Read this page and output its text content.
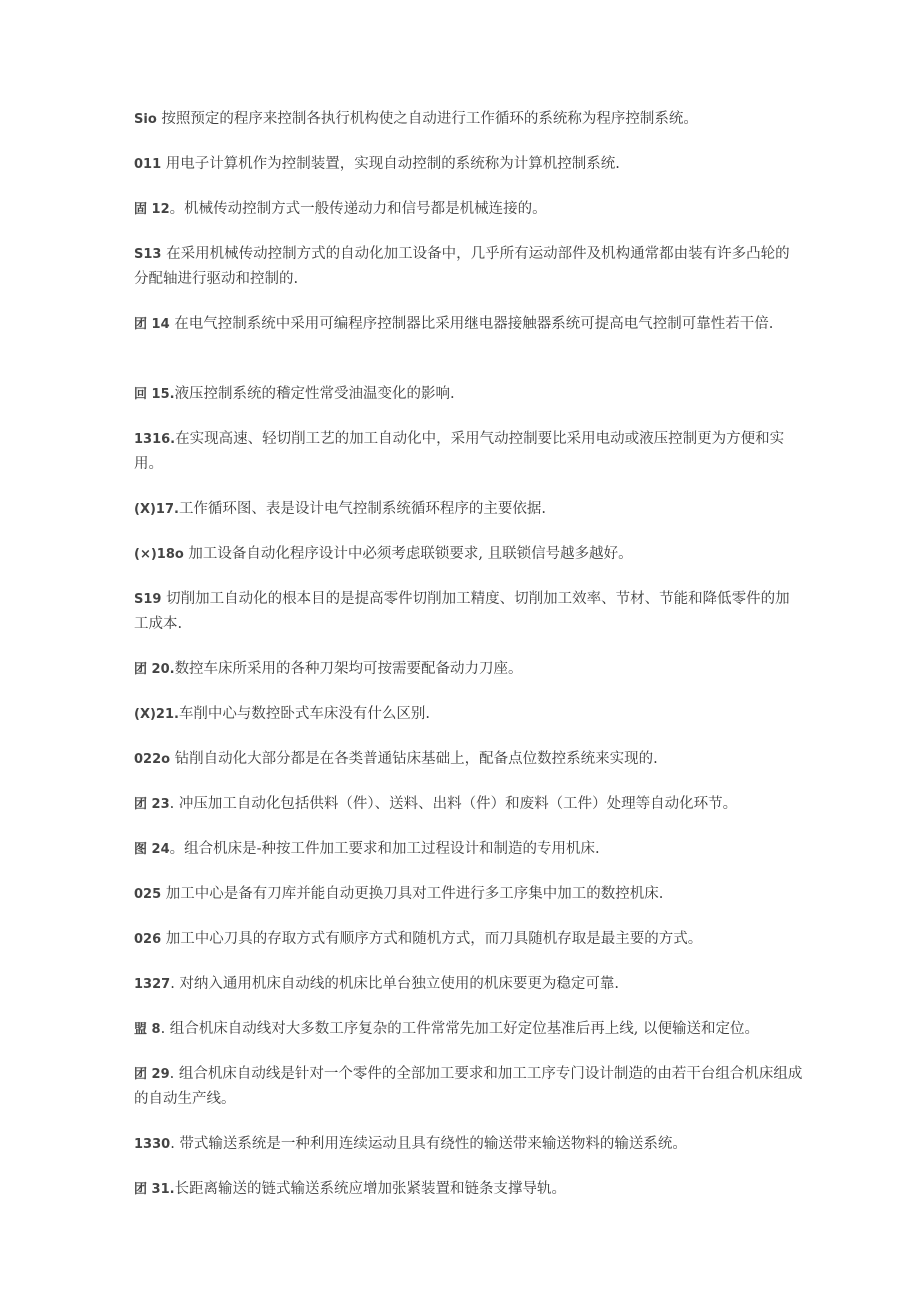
Sio 按照预定的程序来控制各执行机构使之自动进行工作循环的系统称为程序控制系统。

011 用电子计算机作为控制装置，实现自动控制的系统称为计算机控制系统.

固 12。机械传动控制方式一般传递动力和信号都是机械连接的。

S13 在采用机械传动控制方式的自动化加工设备中，几乎所有运动部件及机构通常都由装有许多凸轮的分配轴进行驱动和控制的.

团 14 在电气控制系统中采用可编程序控制器比采用继电器接触器系统可提高电气控制可靠性若干倍.

回 15.液压控制系统的稽定性常受油温变化的影响.

1316.在实现高速、轻切削工艺的加工自动化中，采用气动控制要比采用电动或液压控制更为方便和实用。

(X)17.工作循环图、表是设计电气控制系统循环程序的主要依据.

(×)18o 加工设备自动化程序设计中必须考虑联锁要求, 且联锁信号越多越好。

S19 切削加工自动化的根本目的是提高零件切削加工精度、切削加工效率、节材、节能和降低零件的加工成本.

团 20.数控车床所采用的各种刀架均可按需要配备动力刀座。

(X)21.车削中心与数控卧式车床没有什么区别.

022o 钻削自动化大部分都是在各类普通钻床基础上，配备点位数控系统来实现的.

团 23. 冲压加工自动化包括供料（件）、送料、出料（件）和废料（工件）处理等自动化环节。

图 24。组合机床是-种按工件加工要求和加工过程设计和制造的专用机床.

025 加工中心是备有刀库并能自动更换刀具对工件进行多工序集中加工的数控机床.

026 加工中心刀具的存取方式有顺序方式和随机方式，而刀具随机存取是最主要的方式。

1327. 对纳入通用机床自动线的机床比单台独立使用的机床要更为稳定可靠.

盟 8. 组合机床自动线对大多数工序复杂的工件常常先加工好定位基准后再上线, 以便输送和定位。

团 29. 组合机床自动线是针对一个零件的全部加工要求和加工工序专门设计制造的由若干台组合机床组成的自动生产线。

1330. 带式输送系统是一种利用连续运动且具有绕性的输送带来输送物料的输送系统。

团 31.长距离输送的链式输送系统应增加张紧装置和链条支撑导轨。
